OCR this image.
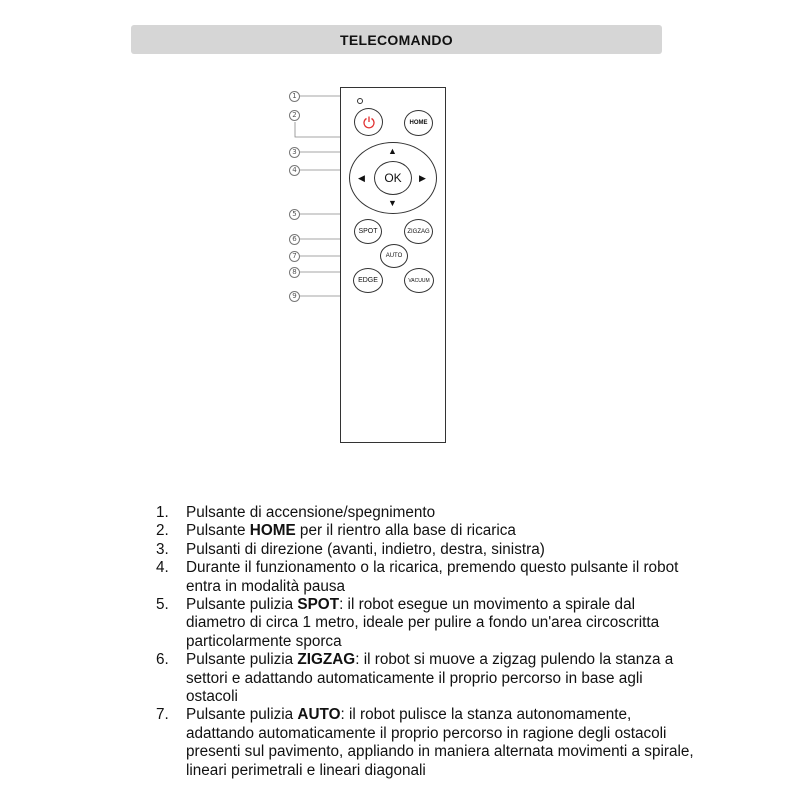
TELECOMANDO
HOME
▲
▼
◀	▶
OK
SPOT	ZIGZAG
AUTO
EDGE	VACUUM
1
2
3
4
5
6
7
8
9
1.	Pulsante di accensione/spegnimento
2.	Pulsante HOME per il rientro alla base di ricarica
3.	Pulsanti di direzione (avanti, indietro, destra, sinistra)
4.	Durante il funzionamento o la ricarica, premendo questo pulsante il robot entra in modalità pausa
5.	Pulsante pulizia SPOT: il robot esegue un movimento a spirale dal diametro di circa 1 metro, ideale per pulire a fondo un'area circoscritta particolarmente sporca
6.	Pulsante pulizia ZIGZAG: il robot si muove a zigzag pulendo la stanza a settori e adattando automaticamente il proprio percorso in base agli ostacoli
7.	Pulsante pulizia AUTO: il robot pulisce la stanza autonomamente, adattando automaticamente il proprio percorso in ragione degli ostacoli presenti sul pavimento, appliando in maniera alternata movimenti a spirale, lineari perimetrali e lineari diagonali
